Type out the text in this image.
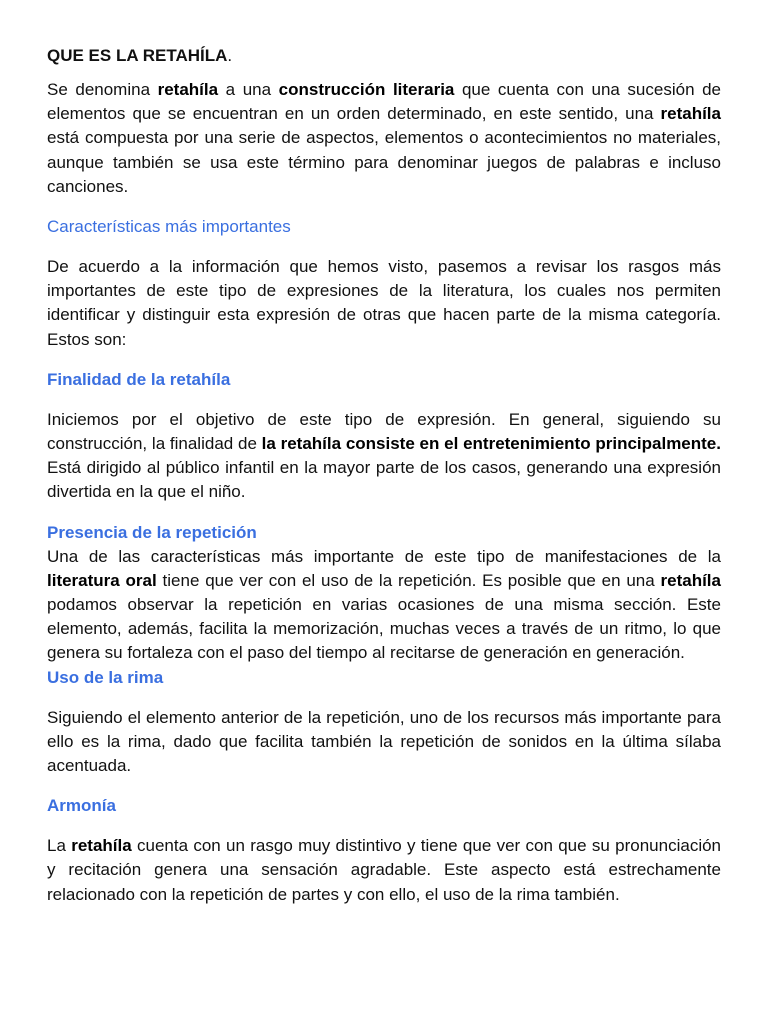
QUE ES LA RETAHÍLA.

Se denomina retahíla a una construcción literaria que cuenta con una sucesión de elementos que se encuentran en un orden determinado, en este sentido, una retahíla está compuesta por una serie de aspectos, elementos o acontecimientos no materiales, aunque también se usa este término para denominar juegos de palabras e incluso canciones.

Características más importantes

De acuerdo a la información que hemos visto, pasemos a revisar los rasgos más importantes de este tipo de expresiones de la literatura, los cuales nos permiten identificar y distinguir esta expresión de otras que hacen parte de la misma categoría. Estos son:

Finalidad de la retahíla

Iniciemos por el objetivo de este tipo de expresión. En general, siguiendo su construcción, la finalidad de la retahíla consiste en el entretenimiento principalmente. Está dirigido al público infantil en la mayor parte de los casos, generando una expresión divertida en la que el niño.

Presencia de la repetición

Una de las características más importante de este tipo de manifestaciones de la literatura oral tiene que ver con el uso de la repetición. Es posible que en una retahíla podamos observar la repetición en varias ocasiones de una misma sección. Este elemento, además, facilita la memorización, muchas veces a través de un ritmo, lo que genera su fortaleza con el paso del tiempo al recitarse de generación en generación.

Uso de la rima

Siguiendo el elemento anterior de la repetición, uno de los recursos más importante para ello es la rima, dado que facilita también la repetición de sonidos en la última sílaba acentuada.

Armonía

La retahíla cuenta con un rasgo muy distintivo y tiene que ver con que su pronunciación y recitación genera una sensación agradable. Este aspecto está estrechamente relacionado con la repetición de partes y con ello, el uso de la rima también.
